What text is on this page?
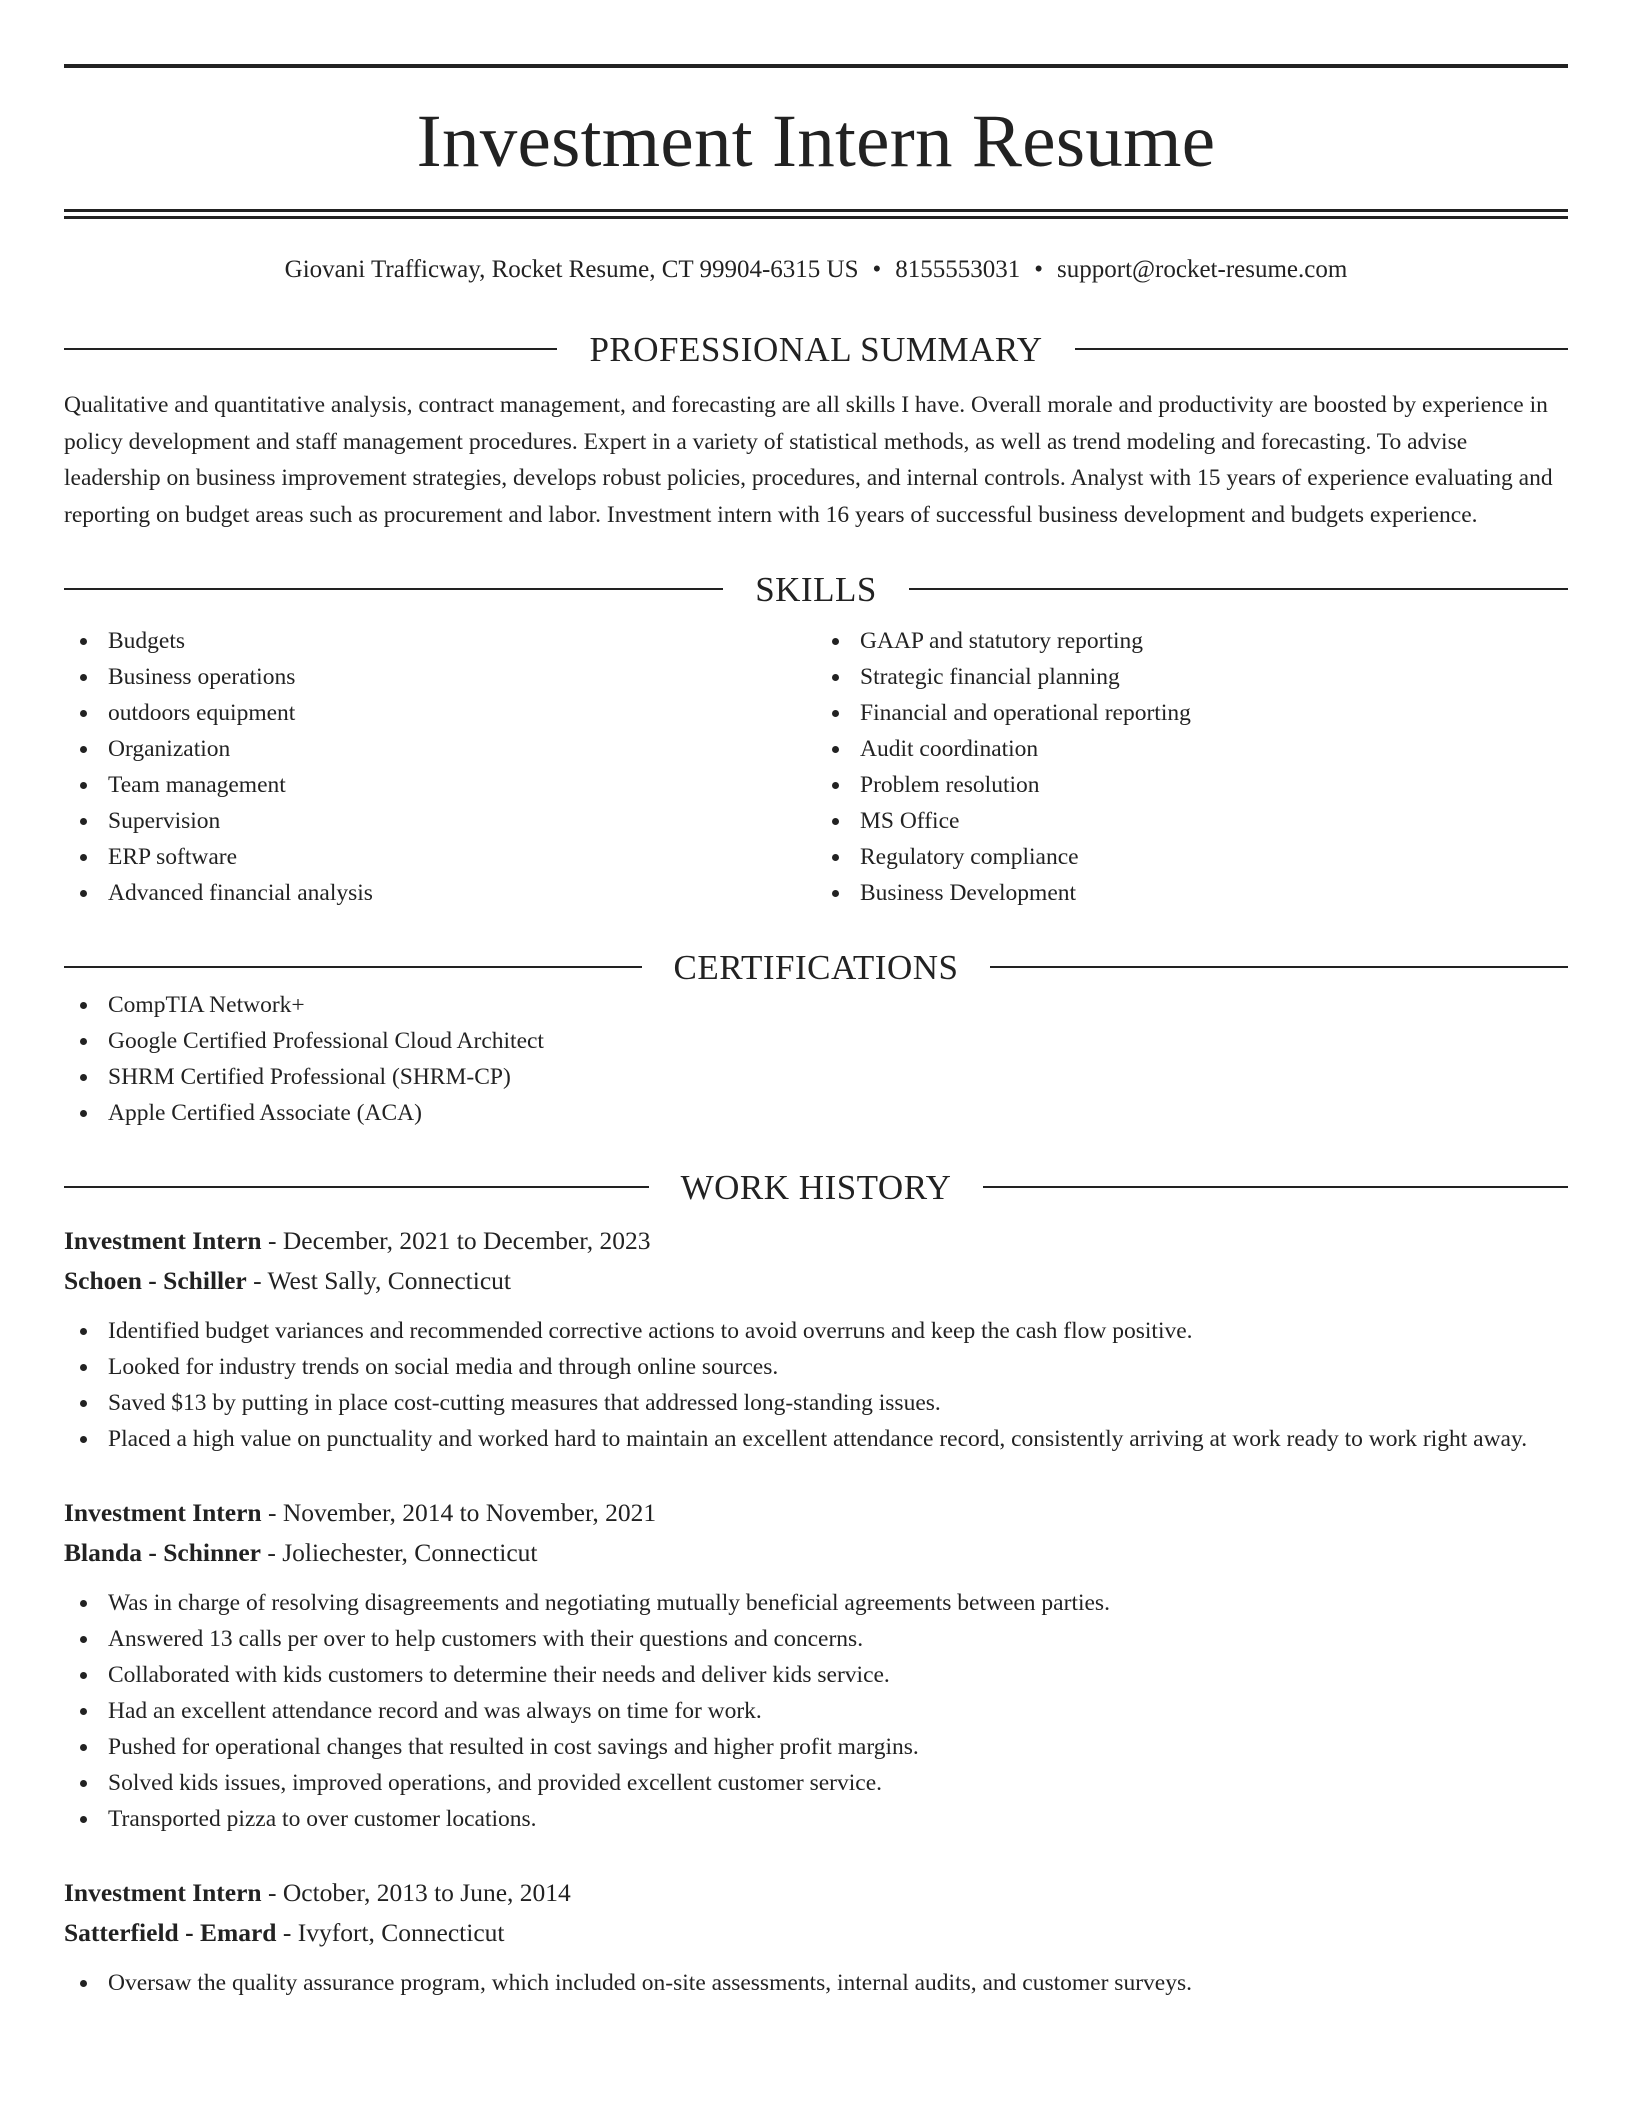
Investment Intern Resume
Giovani Trafficway, Rocket Resume, CT 99904-6315 US • 8155553031 • support@rocket-resume.com
PROFESSIONAL SUMMARY

Qualitative and quantitative analysis, contract management, and forecasting are all skills I have. Overall morale and productivity are boosted by experience in policy development and staff management procedures. Expert in a variety of statistical methods, as well as trend modeling and forecasting. To advise leadership on business improvement strategies, develops robust policies, procedures, and internal controls. Analyst with 15 years of experience evaluating and reporting on budget areas such as procurement and labor. Investment intern with 16 years of successful business development and budgets experience.

SKILLS
Budgets
Business operations
outdoors equipment
Organization
Team management
Supervision
ERP software
Advanced financial analysis
GAAP and statutory reporting
Strategic financial planning
Financial and operational reporting
Audit coordination
Problem resolution
MS Office
Regulatory compliance
Business Development
CERTIFICATIONS
CompTIA Network+
Google Certified Professional Cloud Architect
SHRM Certified Professional (SHRM-CP)
Apple Certified Associate (ACA)
WORK HISTORY
Investment Intern - December, 2021 to December, 2023
Schoen - Schiller - West Sally, Connecticut
Identified budget variances and recommended corrective actions to avoid overruns and keep the cash flow positive.
Looked for industry trends on social media and through online sources.
Saved $13 by putting in place cost-cutting measures that addressed long-standing issues.
Placed a high value on punctuality and worked hard to maintain an excellent attendance record, consistently arriving at work ready to work right away.
Investment Intern - November, 2014 to November, 2021
Blanda - Schinner - Joliechester, Connecticut
Was in charge of resolving disagreements and negotiating mutually beneficial agreements between parties.
Answered 13 calls per over to help customers with their questions and concerns.
Collaborated with kids customers to determine their needs and deliver kids service.
Had an excellent attendance record and was always on time for work.
Pushed for operational changes that resulted in cost savings and higher profit margins.
Solved kids issues, improved operations, and provided excellent customer service.
Transported pizza to over customer locations.
Investment Intern - October, 2013 to June, 2014
Satterfield - Emard - Ivyfort, Connecticut
Oversaw the quality assurance program, which included on-site assessments, internal audits, and customer surveys.
